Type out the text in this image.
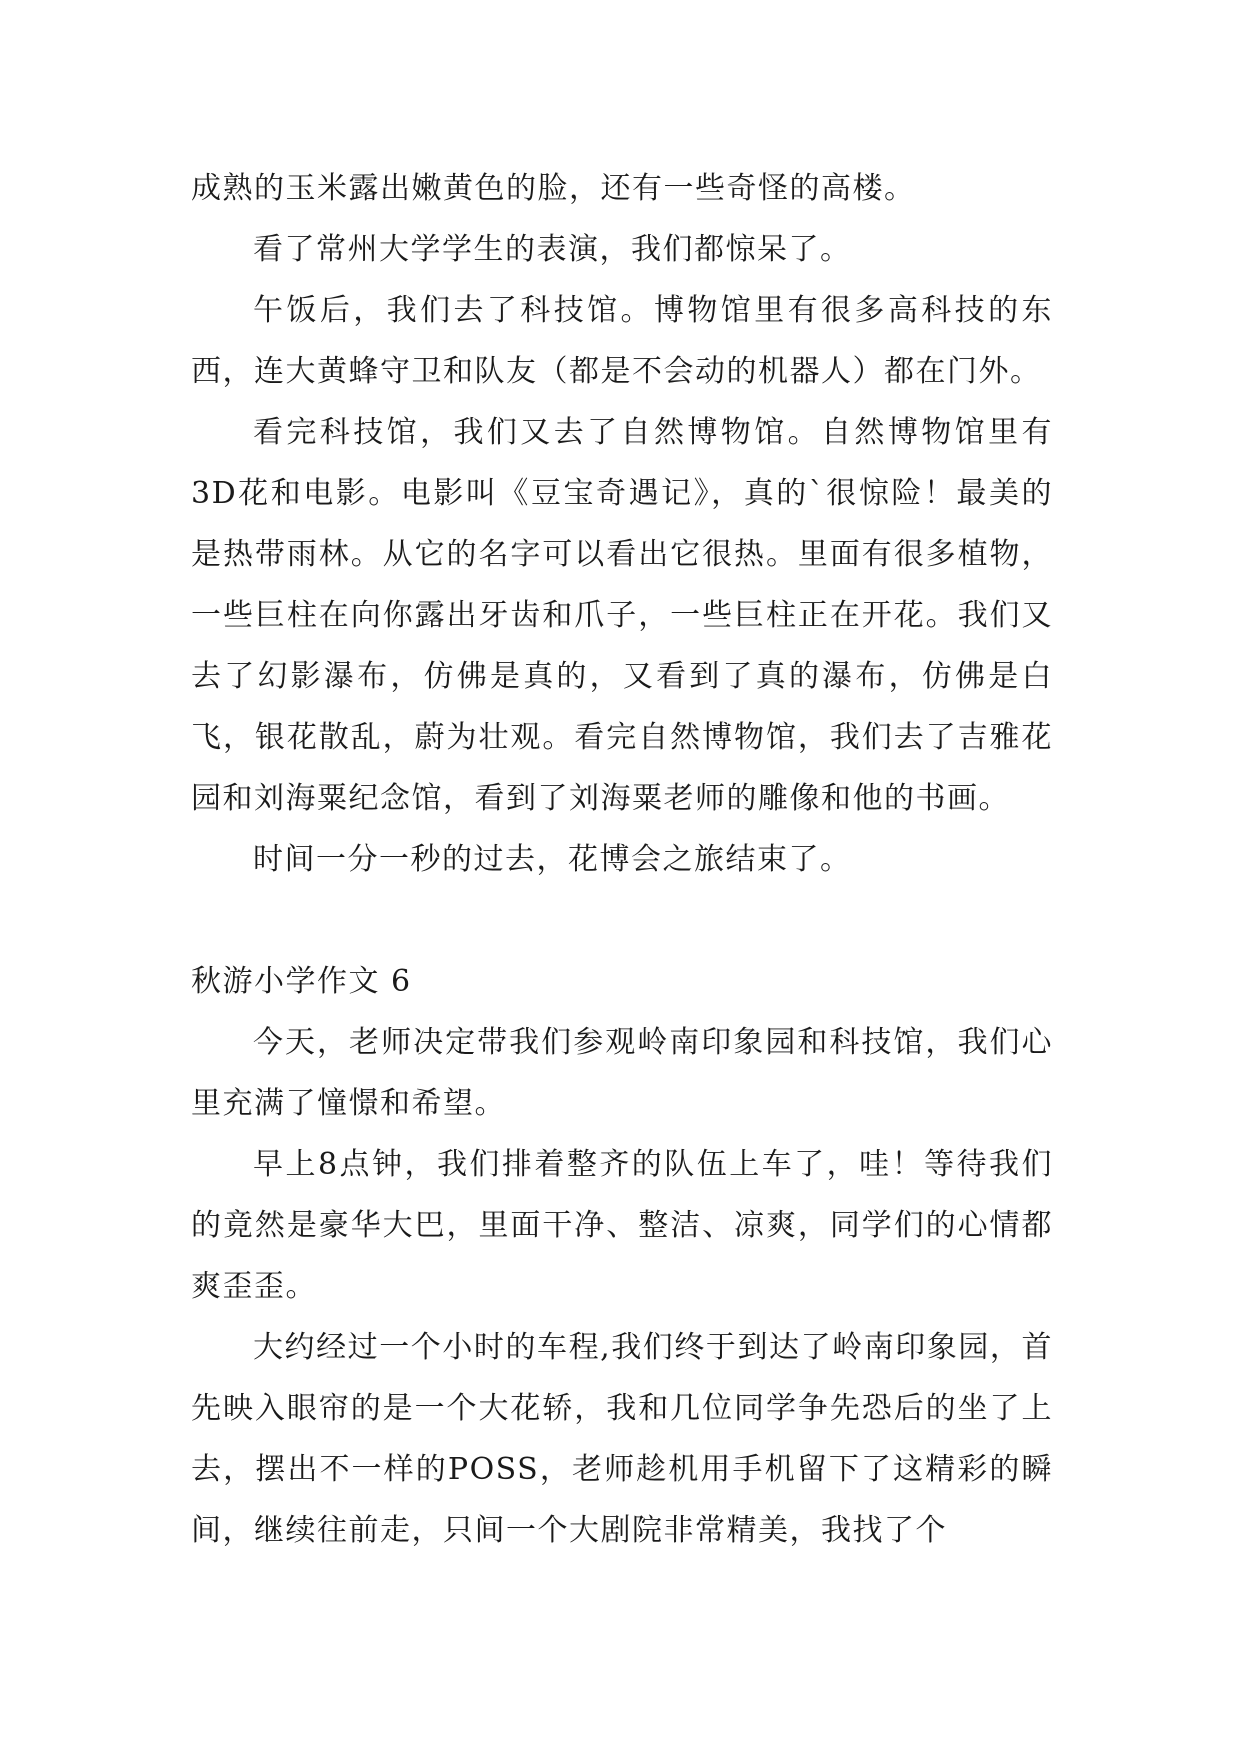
成熟的玉米露出嫩黄色的脸，还有一些奇怪的高楼。

看了常州大学学生的表演，我们都惊呆了。

午饭后，我们去了科技馆。博物馆里有很多高科技的东西，连大黄蜂守卫和队友（都是不会动的机器人）都在门外。

看完科技馆，我们又去了自然博物馆。自然博物馆里有3D花和电影。电影叫《豆宝奇遇记》，真的`很惊险！最美的是热带雨林。从它的名字可以看出它很热。里面有很多植物，一些巨柱在向你露出牙齿和爪子，一些巨柱正在开花。我们又去了幻影瀑布，仿佛是真的，又看到了真的瀑布，仿佛是白飞，银花散乱，蔚为壮观。看完自然博物馆，我们去了吉雅花园和刘海粟纪念馆，看到了刘海粟老师的雕像和他的书画。

时间一分一秒的过去，花博会之旅结束了。

秋游小学作文 6

今天，老师决定带我们参观岭南印象园和科技馆，我们心里充满了憧憬和希望。

早上8点钟，我们排着整齐的队伍上车了，哇！等待我们的竟然是豪华大巴，里面干净、整洁、凉爽，同学们的心情都爽歪歪。

大约经过一个小时的车程,我们终于到达了岭南印象园，首先映入眼帘的是一个大花轿，我和几位同学争先恐后的坐了上去，摆出不一样的POSS，老师趁机用手机留下了这精彩的瞬间，继续往前走，只间一个大剧院非常精美，我找了个
